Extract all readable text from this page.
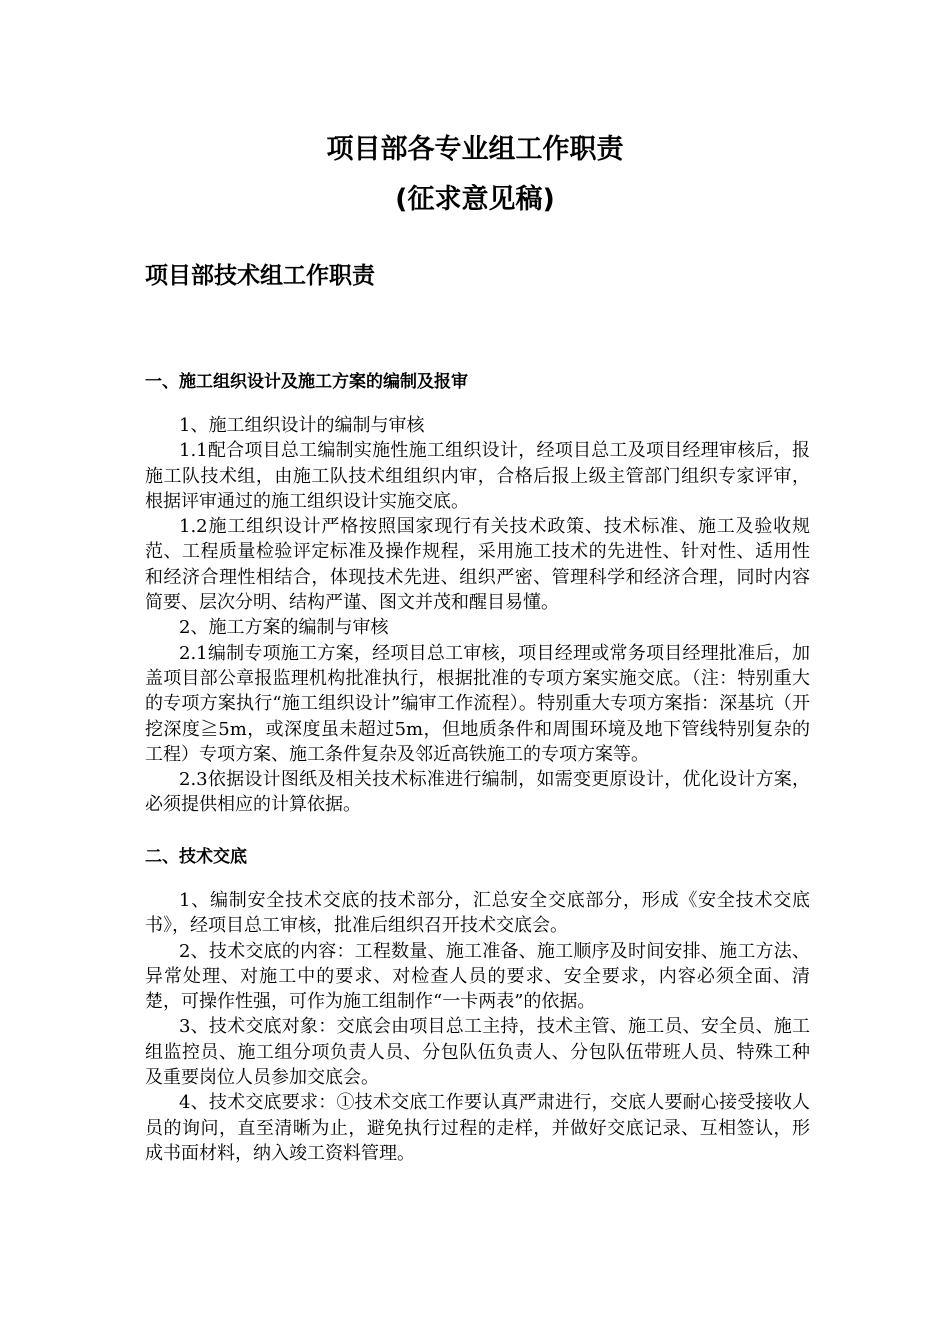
项目部各专业组工作职责
(征求意见稿)
项目部技术组工作职责
一、施工组织设计及施工方案的编制及报审

1、施工组织设计的编制与审核

1.1配合项目总工编制实施性施工组织设计，经项目总工及项目经理审核后，报施工队技术组，由施工队技术组组织内审，合格后报上级主管部门组织专家评审，根据评审通过的施工组织设计实施交底。

1.2施工组织设计严格按照国家现行有关技术政策、技术标准、施工及验收规范、工程质量检验评定标准及操作规程，采用施工技术的先进性、针对性、适用性和经济合理性相结合，体现技术先进、组织严密、管理科学和经济合理，同时内容简要、层次分明、结构严谨、图文并茂和醒目易懂。

2、施工方案的编制与审核

2.1编制专项施工方案，经项目总工审核，项目经理或常务项目经理批准后，加盖项目部公章报监理机构批准执行，根据批准的专项方案实施交底。（注：特别重大的专项方案执行“施工组织设计”编审工作流程）。特别重大专项方案指：深基坑（开挖深度≧5m，或深度虽未超过5m，但地质条件和周围环境及地下管线特别复杂的工程）专项方案、施工条件复杂及邻近高铁施工的专项方案等。

2.3依据设计图纸及相关技术标准进行编制，如需变更原设计，优化设计方案，必须提供相应的计算依据。

二、技术交底

1、编制安全技术交底的技术部分，汇总安全交底部分，形成《安全技术交底书》，经项目总工审核，批准后组织召开技术交底会。

2、技术交底的内容：工程数量、施工准备、施工顺序及时间安排、施工方法、异常处理、对施工中的要求、对检查人员的要求、安全要求，内容必须全面、清楚，可操作性强，可作为施工组制作“一卡两表”的依据。

3、技术交底对象：交底会由项目总工主持，技术主管、施工员、安全员、施工组监控员、施工组分项负责人员、分包队伍负责人、分包队伍带班人员、特殊工种及重要岗位人员参加交底会。

4、技术交底要求：①技术交底工作要认真严肃进行，交底人要耐心接受接收人员的询问，直至清晰为止，避免执行过程的走样，并做好交底记录、互相签认，形成书面材料，纳入竣工资料管理。
